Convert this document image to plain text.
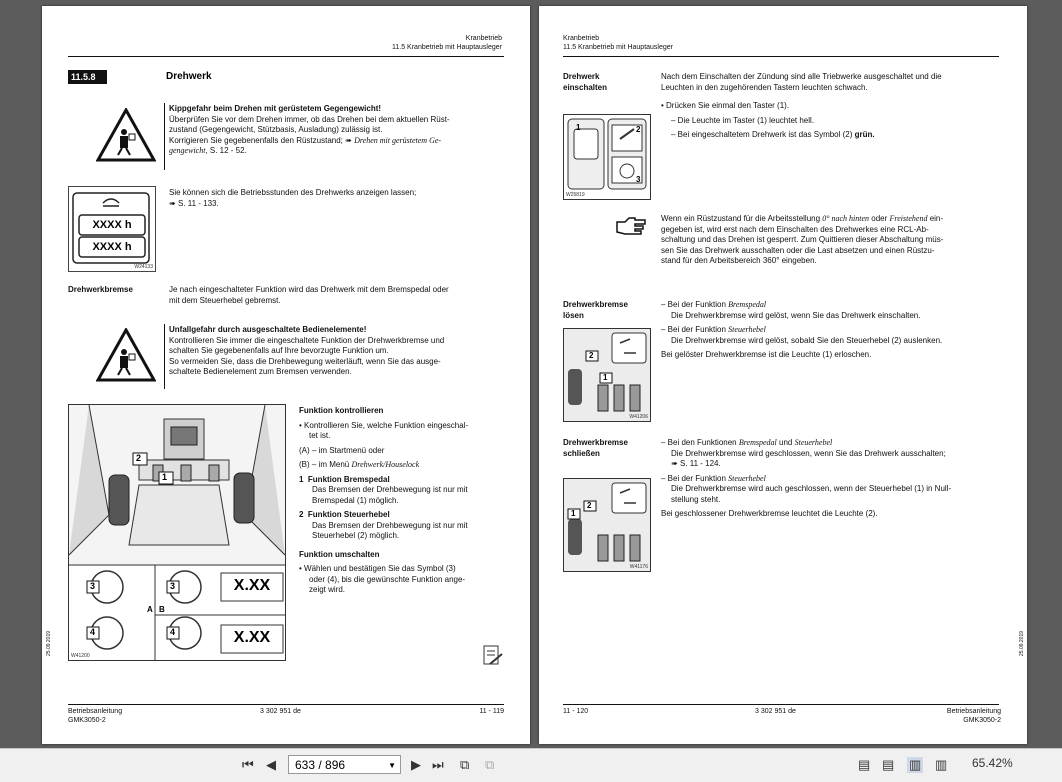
Kranbetrieb
11.5 Kranbetrieb mit Hauptausleger
11.5.8	Drehwerk
Kippgefahr beim Drehen mit gerüstetem Gegengewicht!
Überprüfen Sie vor dem Drehen immer, ob das Drehen bei dem aktuellen Rüst-
zustand (Gegengewicht, Stützbasis, Ausladung) zulässig ist.
Korrigieren Sie gegebenenfalls den Rüstzustand; ➠ Drehen mit gerüstetem Ge-
gengewicht, S. 12 - 52.
XXXX h
XXXX h
W24133
Sie können sich die Betriebsstunden des Drehwerks anzeigen lassen;
➠ S. 11 - 133.
Drehwerkbremse	Je nach eingeschalteter Funktion wird das Drehwerk mit dem Bremspedal oder
mit dem Steuerhebel gebremst.
Unfallgefahr durch ausgeschaltete Bedienelemente!
Kontrollieren Sie immer die eingeschaltete Funktion der Drehwerkbremse und
schalten Sie gegebenenfalls auf Ihre bevorzugte Funktion um.
So vermeiden Sie, dass die Drehbewegung weiterläuft, wenn Sie das ausge-
schaltete Bedienelement zum Bremsen verwenden.
1
2
3
4
3
4
A B
X.XX
X.XX
W41200
Funktion kontrollieren
• Kontrollieren Sie, welche Funktion eingeschal-
tet ist.
(A) – im Startmenü oder
(B) – im Menü Drehwerk/Houselock
1 Funktion Bremspedal
Das Bremsen der Drehbewegung ist nur mit
Bremspedal (1) möglich.
2 Funktion Steuerhebel
Das Bremsen der Drehbewegung ist nur mit
Steuerhebel (2) möglich.
Funktion umschalten
• Wählen und bestätigen Sie das Symbol (3)
oder (4), bis die gewünschte Funktion ange-
zeigt wird.
25.09.2019
Betriebsanleitung
GMK3050-2
3 302 951 de	11 - 119
Kranbetrieb
11.5 Kranbetrieb mit Hauptausleger
Drehwerk
einschalten
Nach dem Einschalten der Zündung sind alle Triebwerke ausgeschaltet und die
Leuchten in den zugehörenden Tastern leuchten schwach.
• Drücken Sie einmal den Taster (1).
– Die Leuchte im Taster (1) leuchtet hell.
– Bei eingeschaltetem Drehwerk ist das Symbol (2) grün.
1	2
3
W25819
Wenn ein Rüstzustand für die Arbeitsstellung 0° nach hinten oder Freistehend ein-
gegeben ist, wird erst nach dem Einschalten des Drehwerkes eine RCL-Ab-
schaltung und das Drehen ist gesperrt. Zum Quittieren dieser Abschaltung müs-
sen Sie das Drehwerk ausschalten oder die Last absetzen und einen Rüstzu-
stand für den Arbeitsbereich 360° eingeben.
Drehwerkbremse
lösen
1
2
W41206
– Bei der Funktion Bremspedal
Die Drehwerkbremse wird gelöst, wenn Sie das Drehwerk einschalten.
– Bei der Funktion Steuerhebel
Die Drehwerkbremse wird gelöst, sobald Sie den Steuerhebel (2) auslenken.
Bei gelöster Drehwerkbremse ist die Leuchte (1) erloschen.
Drehwerkbremse
schließen
1
2
W41176
– Bei den Funktionen Bremspedal und Steuerhebel
Die Drehwerkbremse wird geschlossen, wenn Sie das Drehwerk ausschalten;
➠ S. 11 - 124.
– Bei der Funktion Steuerhebel
Die Drehwerkbremse wird auch geschlossen, wenn der Steuerhebel (1) in Null-
stellung steht.
Bei geschlossener Drehwerkbremse leuchtet die Leuchte (2).
25.09.2019
11 - 120	3 302 951 de	Betriebsanleitung
GMK3050-2
⏮ ◀	633 / 896	▼ ▶ ⏭ ⧉ ⧉	▤ ▤ ▥ ▥ 65.42%
